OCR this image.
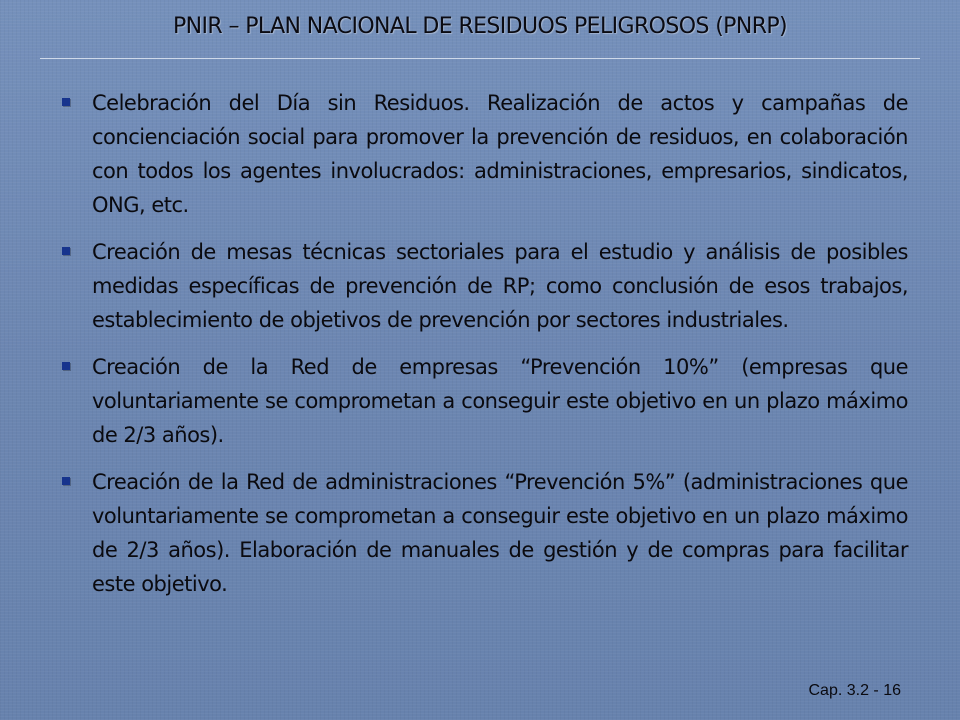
PNIR – PLAN NACIONAL DE RESIDUOS PELIGROSOS (PNRP)
Celebración del Día sin Residuos. Realización de actos y campañas de concienciación social para promover la prevención de residuos, en colaboración con todos los agentes involucrados: administraciones, empresarios, sindicatos, ONG, etc.
Creación de mesas técnicas sectoriales para el estudio y análisis de posibles medidas específicas de prevención de RP; como conclusión de esos trabajos, establecimiento de objetivos de prevención por sectores industriales.
Creación de la Red de empresas “Prevención 10%” (empresas que voluntariamente se comprometan a conseguir este objetivo en un plazo máximo de 2/3 años).
Creación de la Red de administraciones “Prevención 5%” (administraciones que voluntariamente se comprometan a conseguir este objetivo en un plazo máximo de 2/3 años). Elaboración de manuales de gestión y de compras para facilitar este objetivo.
Cap. 3.2 - 16
